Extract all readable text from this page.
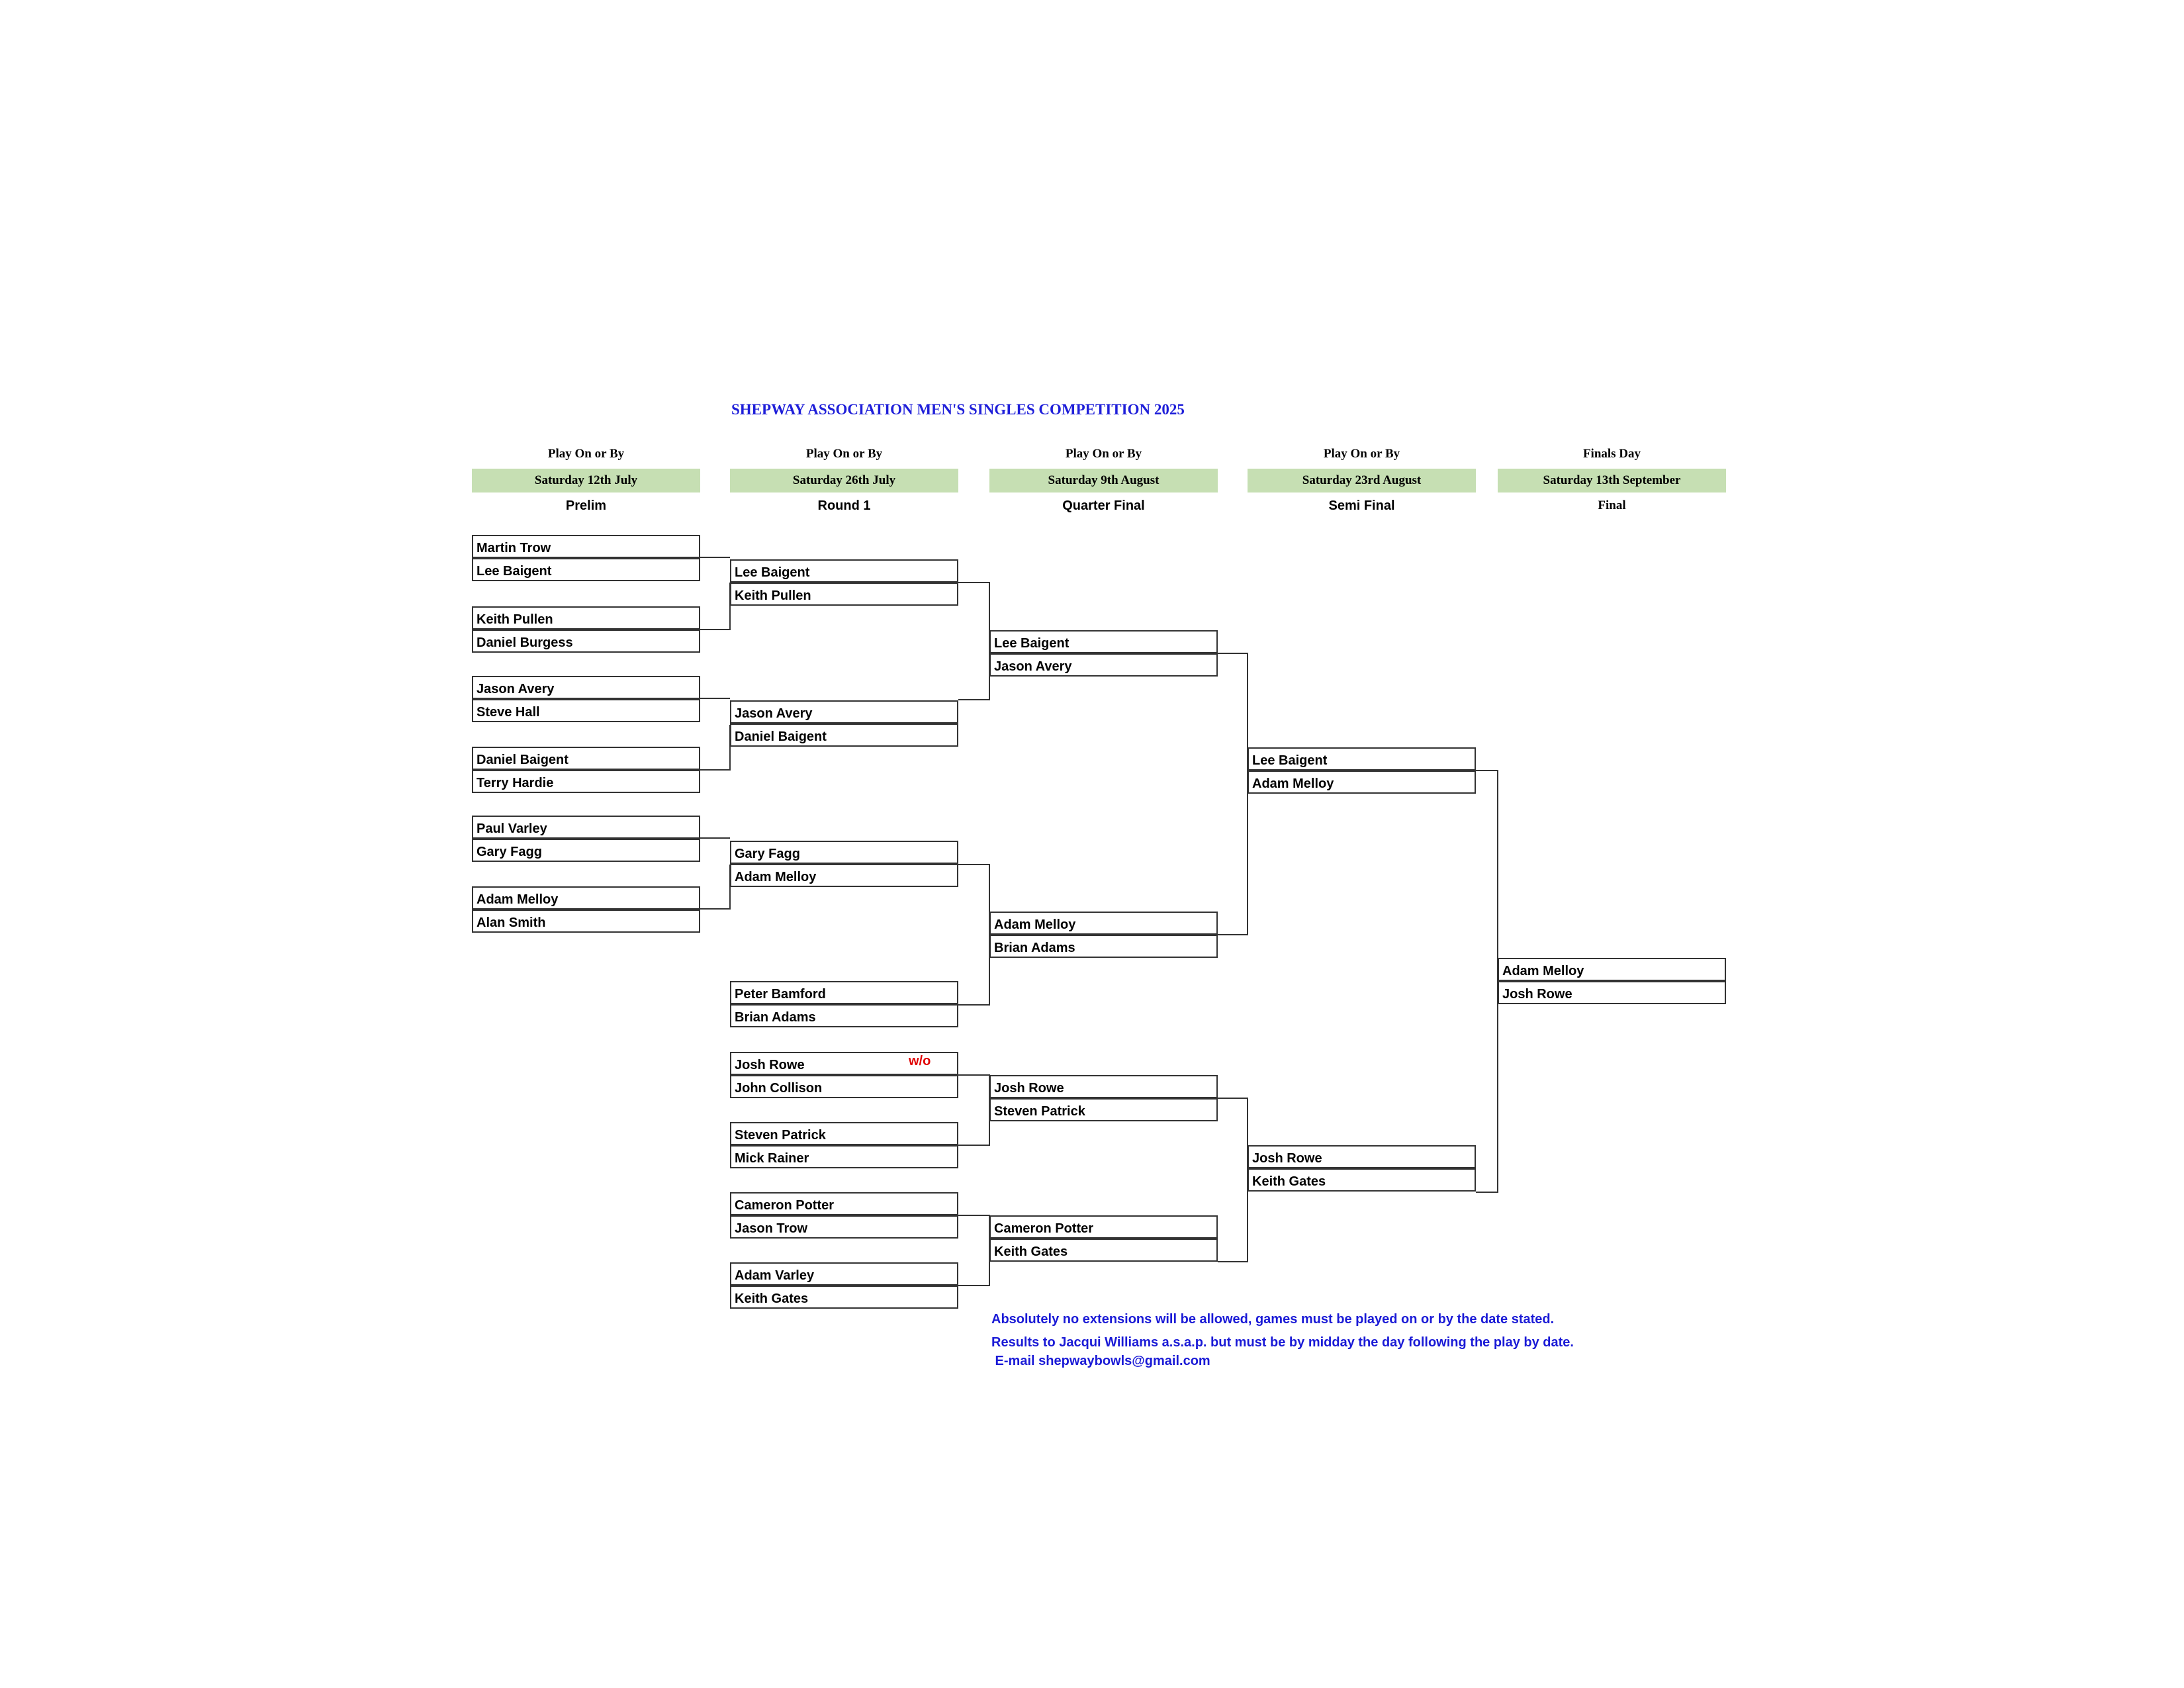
SHEPWAY ASSOCIATION MEN'S SINGLES COMPETITION 2025
Play On or By
Saturday 12th July
Prelim
Play On or By
Saturday 26th July
Round 1
Play On or By
Saturday 9th August
Quarter Final
Play On or By
Saturday 23rd August
Semi Final
Finals Day
Saturday 13th September
Final
Martin Trow
Lee Baigent
Keith Pullen
Daniel Burgess
Jason Avery
Steve Hall
Daniel Baigent
Terry Hardie
Paul Varley
Gary Fagg
Adam Melloy
Alan Smith
Lee Baigent
Keith Pullen
Jason Avery
Daniel Baigent
Gary Fagg
Adam Melloy
Peter Bamford
Brian Adams
Josh Rowe
John Collison
Steven Patrick
Mick Rainer
Cameron Potter
Jason Trow
Adam Varley
Keith Gates
w/o
Lee Baigent
Jason Avery
Adam Melloy
Brian Adams
Josh Rowe
Steven Patrick
Cameron Potter
Keith Gates
Lee Baigent
Adam Melloy
Josh Rowe
Keith Gates
Adam Melloy
Josh Rowe
Absolutely no extensions will be allowed, games must be played on or by the date stated.
Results to Jacqui Williams a.s.a.p. but must be by midday the day following the play by date.
E-mail shepwaybowls@gmail.com
